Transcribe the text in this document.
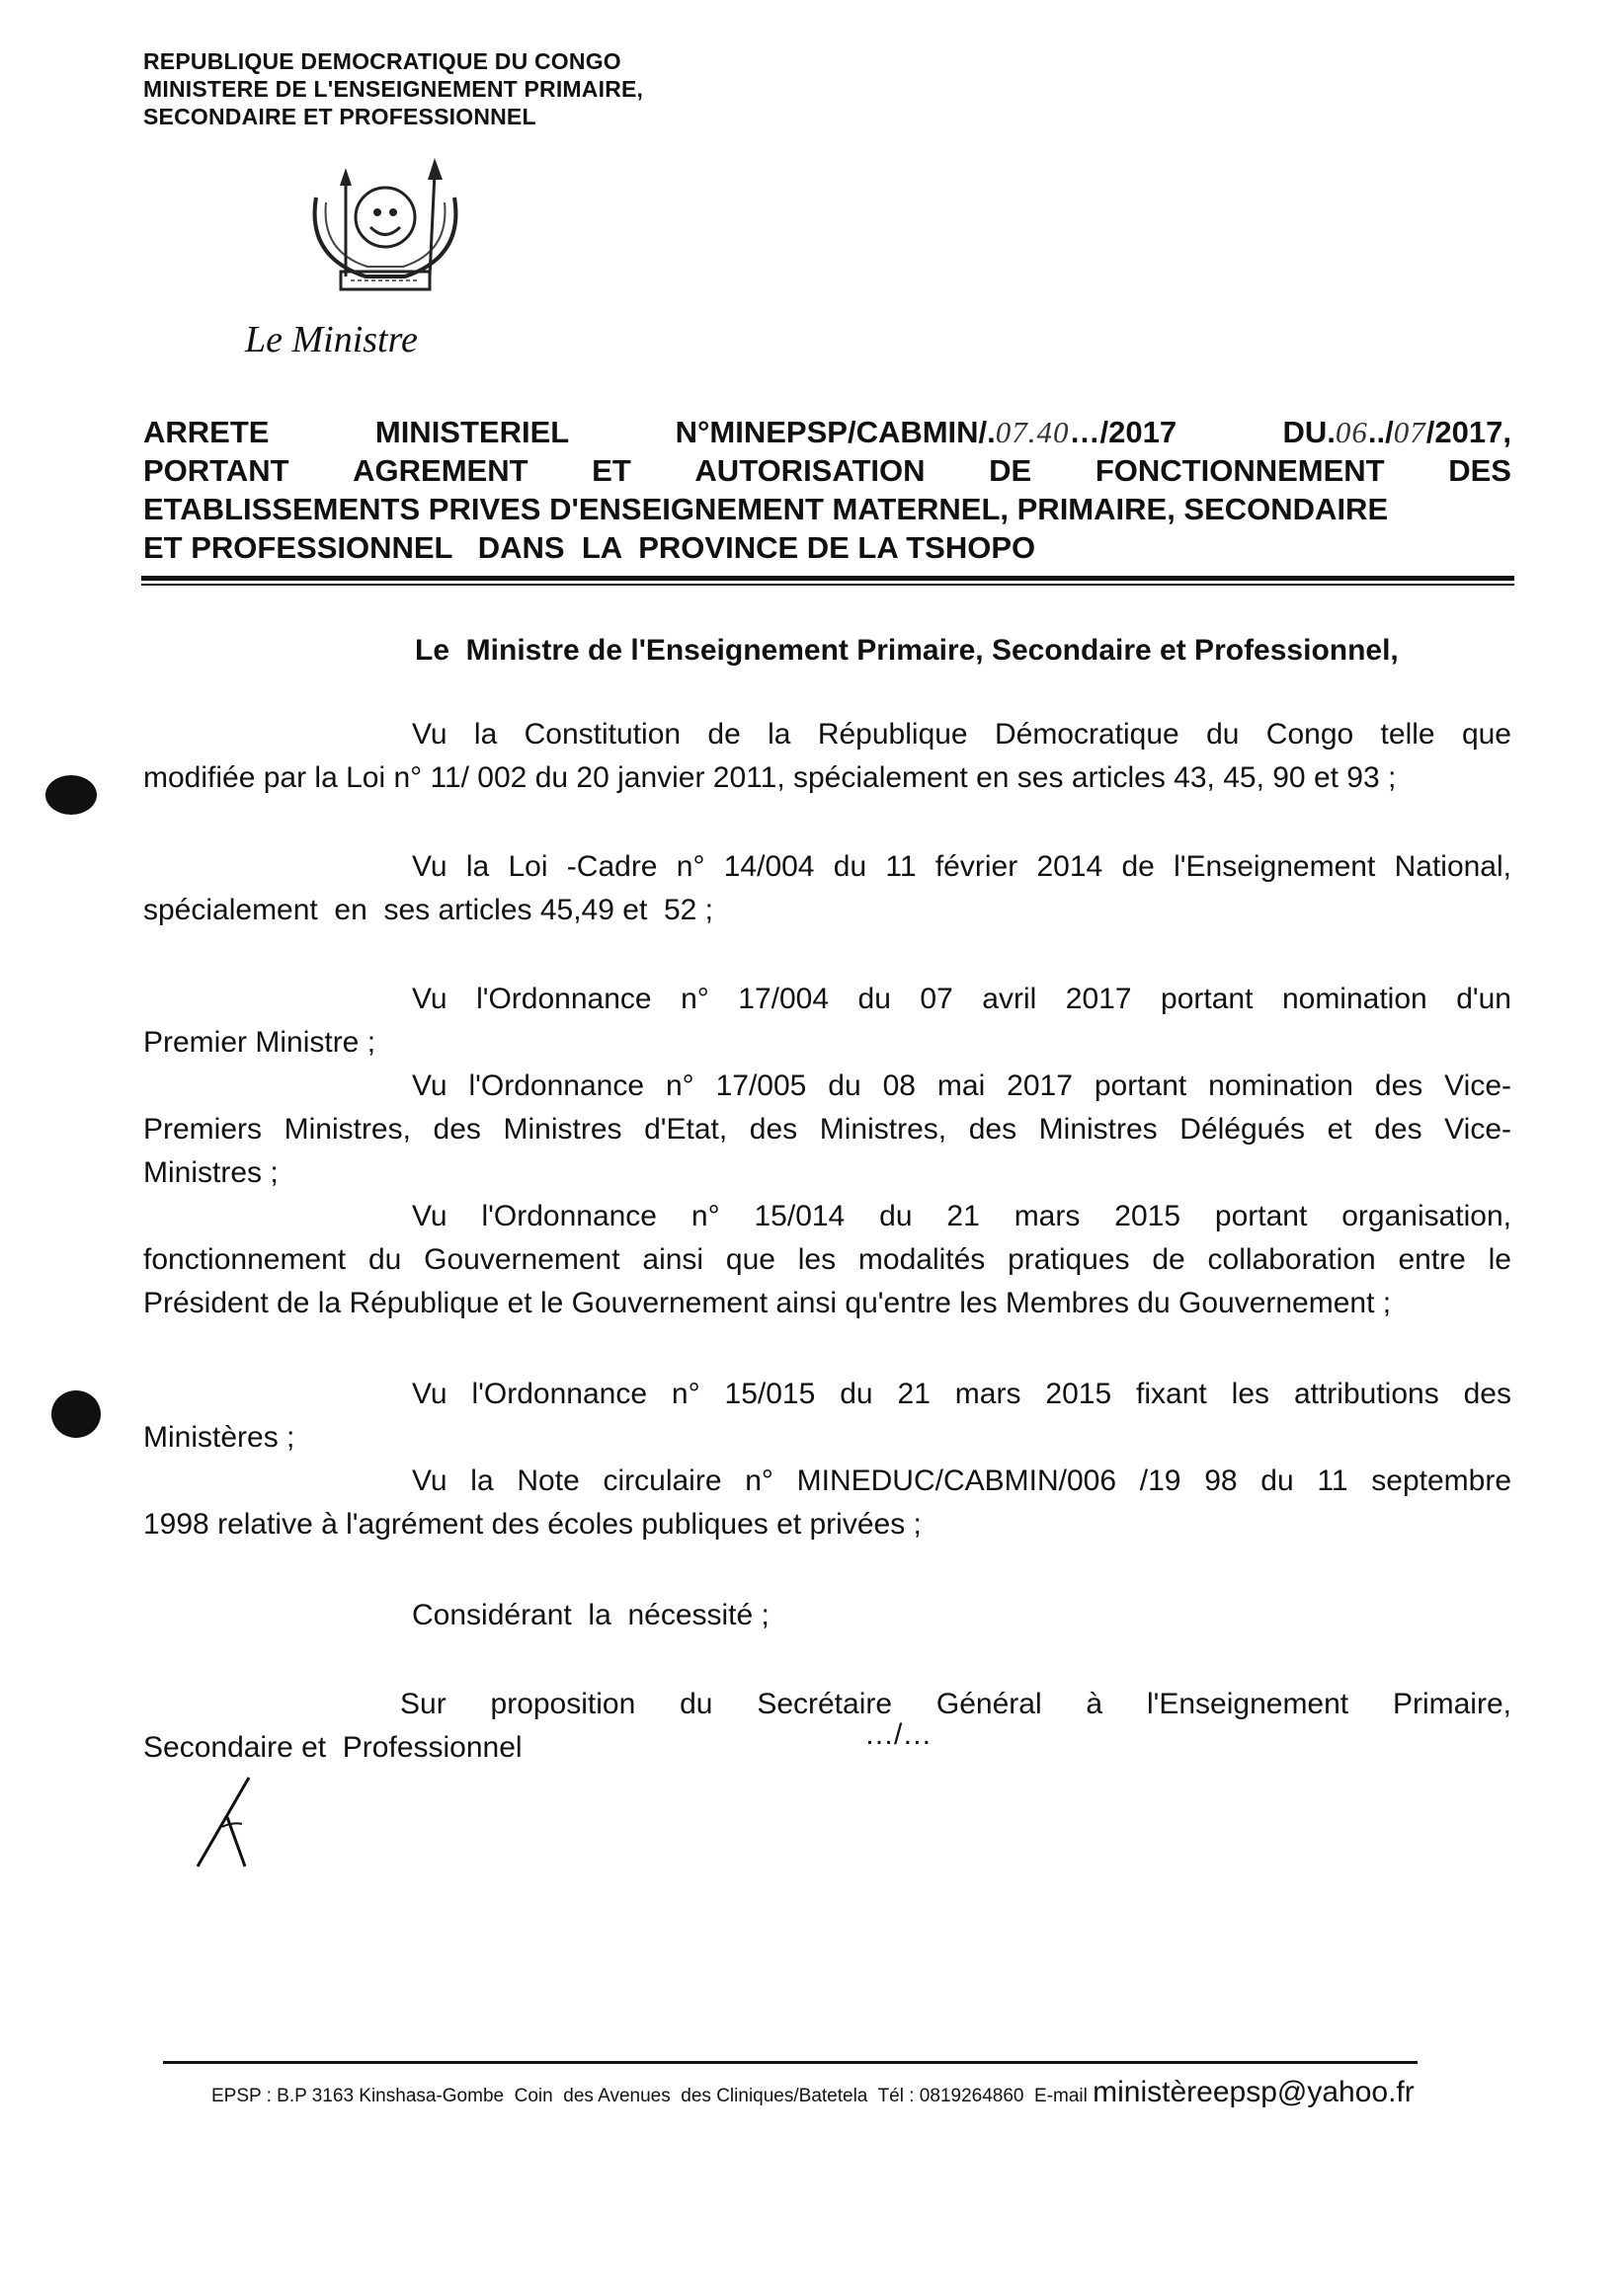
REPUBLIQUE DEMOCRATIQUE DU CONGO
MINISTERE DE L'ENSEIGNEMENT PRIMAIRE,
SECONDAIRE ET PROFESSIONNEL
Le Ministre
ARRETE	MINISTERIEL	N°MINEPSP/CABMIN/.07.40…/2017	DU.06../07/2017,
PORTANT AGREMENT ET AUTORISATION DE FONCTIONNEMENT DES
ETABLISSEMENTS PRIVES D'ENSEIGNEMENT MATERNEL, PRIMAIRE, SECONDAIRE
ET PROFESSIONNEL   DANS  LA  PROVINCE DE LA TSHOPO
Le  Ministre de l'Enseignement Primaire, Secondaire et Professionnel,
Vu la Constitution de la République Démocratique du Congo telle que
modifiée par la Loi n° 11/ 002 du 20 janvier 2011, spécialement en ses articles 43, 45, 90 et 93 ;
Vu la Loi -Cadre n° 14/004 du 11 février 2014 de l'Enseignement National,
spécialement  en  ses articles 45,49 et  52 ;
Vu l'Ordonnance n° 17/004 du 07 avril 2017 portant nomination d'un
Premier Ministre ;
Vu l'Ordonnance n° 17/005 du 08 mai 2017 portant nomination des Vice-
Premiers Ministres, des Ministres d'Etat, des Ministres, des Ministres Délégués et des Vice-
Ministres ;
Vu l'Ordonnance n° 15/014 du 21 mars 2015 portant organisation,
fonctionnement du Gouvernement ainsi que les modalités pratiques de collaboration entre le
Président de la République et le Gouvernement ainsi qu'entre les Membres du Gouvernement ;
Vu l'Ordonnance n° 15/015 du 21 mars 2015 fixant les attributions des
Ministères ;
Vu la Note circulaire n° MINEDUC/CABMIN/006 /19 98 du 11 septembre
1998 relative à l'agrément des écoles publiques et privées ;
Considérant  la  nécessité ;
Sur proposition du Secrétaire Général à l'Enseignement Primaire,
Secondaire et  Professionnel	…/…
EPSP : B.P 3163 Kinshasa-Gombe  Coin  des Avenues  des Cliniques/Batetela  Tél : 0819264860  E-mail ministèreepsp@yahoo.fr
